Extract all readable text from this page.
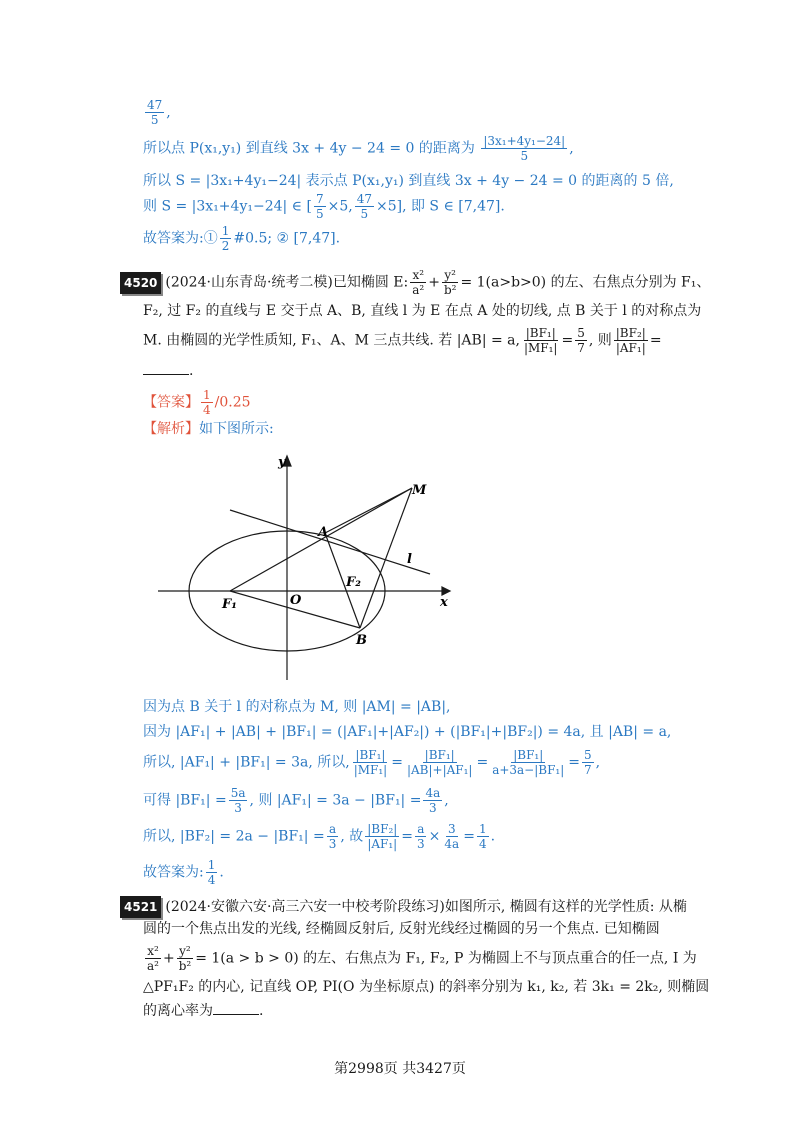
$\frac{47}{5}$ ,
所以点 P(x₁,y₁) 到直线 3x + 4y − 24 = 0 的距离为 $\frac{\text{|3x₁+4y₁−24|}}{5}$ ,
所以 S = |3x₁+4y₁−24| 表示点 P(x₁,y₁) 到直线 3x + 4y − 24 = 0 的距离的 5 倍,
则 S = |3x₁+4y₁−24| ∈ [ $\frac{7}{5} \times 5$, $\frac{47}{5} \times 5$], 即 S ∈ [7,47].
故答案为:① $\frac{1}{2}$ #0.5; ② [7,47].
4520 (2024·山东青岛·统考二模)已知椭圆 E: $\frac{\text{x²}}{\text{a²}} + \frac{\text{y²}}{\text{b²}} = 1(a>b>0)$ 的左、右焦点分别为 F₁、
F₂, 过 F₂ 的直线与 E 交于点 A、B, 直线 l 为 E 在点 A 处的切线, 点 B 关于 l 的对称点为
M. 由椭圆的光学性质知, F₁、A、M 三点共线. 若 |AB| = a, $\frac{\text{|BF₁|}}{\text{|MF₁|}} = \frac{5}{7}$ , 则 $\frac{\text{|BF₂|}}{\text{|AF₁|}}$ =
.
【答案】 $\frac{1}{4} /0.25$
【解析】如下图所示:
y
x
M
A
l
F₂
F₁	O
B
因为点 B 关于 l 的对称点为 M, 则 |AM| = |AB|,
因为 |AF₁| + |AB| + |BF₁| = (|AF₁|+|AF₂|) + (|BF₁|+|BF₂|) = 4a, 且 |AB| = a,
所以, |AF₁| + |BF₁| = 3a, 所以, $\frac{\text{|BF₁|}}{\text{|MF₁|}} = \frac{\text{|BF₁|}}{\text{|AB|+|AF₁|}} = \frac{\text{|BF₁|}}{\text{a+3a−|BF₁|}} = \frac{5}{7}$ ,
可得 $|BF_1| = \frac{5a}{3}$ , 则 $|AF_1| = 3a - |BF_1| = \frac{4a}{3}$ ,
所以, $|BF_2| = 2a - |BF_1| = \frac{a}{3}$ , 故 $\frac{\text{|BF₂|}}{\text{|AF₁|}} = \frac{a}{3} \times \frac{3}{4a} = \frac{1}{4}$ .
故答案为: $\frac{1}{4}$ .
4521 (2024·安徽六安·高三六安一中校考阶段练习)如图所示, 椭圆有这样的光学性质: 从椭
圆的一个焦点出发的光线, 经椭圆反射后, 反射光线经过椭圆的另一个焦点. 已知椭圆
$\frac{\text{x²}}{\text{a²}} + \frac{\text{y²}}{\text{b²}} = 1(a > b > 0)$ 的左、右焦点为 F₁, F₂, P 为椭圆上不与顶点重合的任一点, I 为
△PF₁F₂ 的内心, 记直线 OP, PI(O 为坐标原点) 的斜率分别为 k₁, k₂, 若 3k₁ = 2k₂, 则椭圆
的离心率为	.
第2998页 共3427页
